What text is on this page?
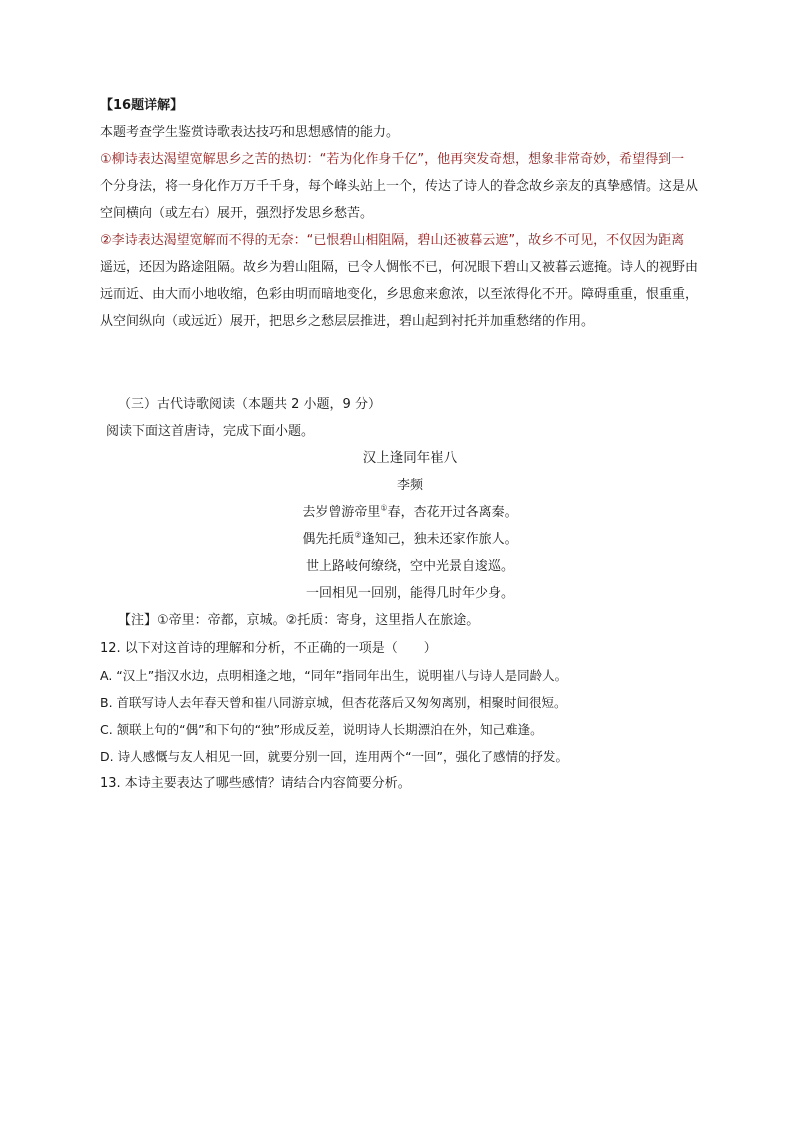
【16题详解】
本题考查学生鉴赏诗歌表达技巧和思想感情的能力。
①柳诗表达渴望宽解思乡之苦的热切：“若为化作身千亿”，他再突发奇想，想象非常奇妙，希望得到一
个分身法，将一身化作万万千千身，每个峰头站上一个，传达了诗人的眷念故乡亲友的真挚感情。这是从
空间横向（或左右）展开，强烈抒发思乡愁苦。
②李诗表达渴望宽解而不得的无奈：“已恨碧山相阻隔，碧山还被暮云遮”，故乡不可见，不仅因为距离
遥远，还因为路途阻隔。故乡为碧山阻隔，已令人惆怅不已，何况眼下碧山又被暮云遮掩。诗人的视野由
远而近、由大而小地收缩，色彩由明而暗地变化，乡思愈来愈浓，以至浓得化不开。障碍重重，恨重重，
从空间纵向（或远近）展开，把思乡之愁层层推进，碧山起到衬托并加重愁绪的作用。
（三）古代诗歌阅读（本题共 2 小题，9 分）
阅读下面这首唐诗，完成下面小题。
汉上逢同年崔八
李频
去岁曾游帝里①春，杏花开过各离秦。
偶先托质②逢知己，独未还家作旅人。
世上路岐何缭绕，空中光景自逡巡。
一回相见一回别，能得几时年少身。
【注】①帝里：帝都，京城。②托质：寄身，这里指人在旅途。
12. 以下对这首诗的理解和分析，不正确的一项是（　　）
A. “汉上”指汉水边，点明相逢之地，“同年”指同年出生，说明崔八与诗人是同龄人。
B. 首联写诗人去年春天曾和崔八同游京城，但杏花落后又匆匆离别，相聚时间很短。
C. 颔联上句的“偶”和下句的“独”形成反差，说明诗人长期漂泊在外，知己难逢。
D. 诗人感慨与友人相见一回，就要分别一回，连用两个“一回”，强化了感情的抒发。
13. 本诗主要表达了哪些感情？请结合内容简要分析。
